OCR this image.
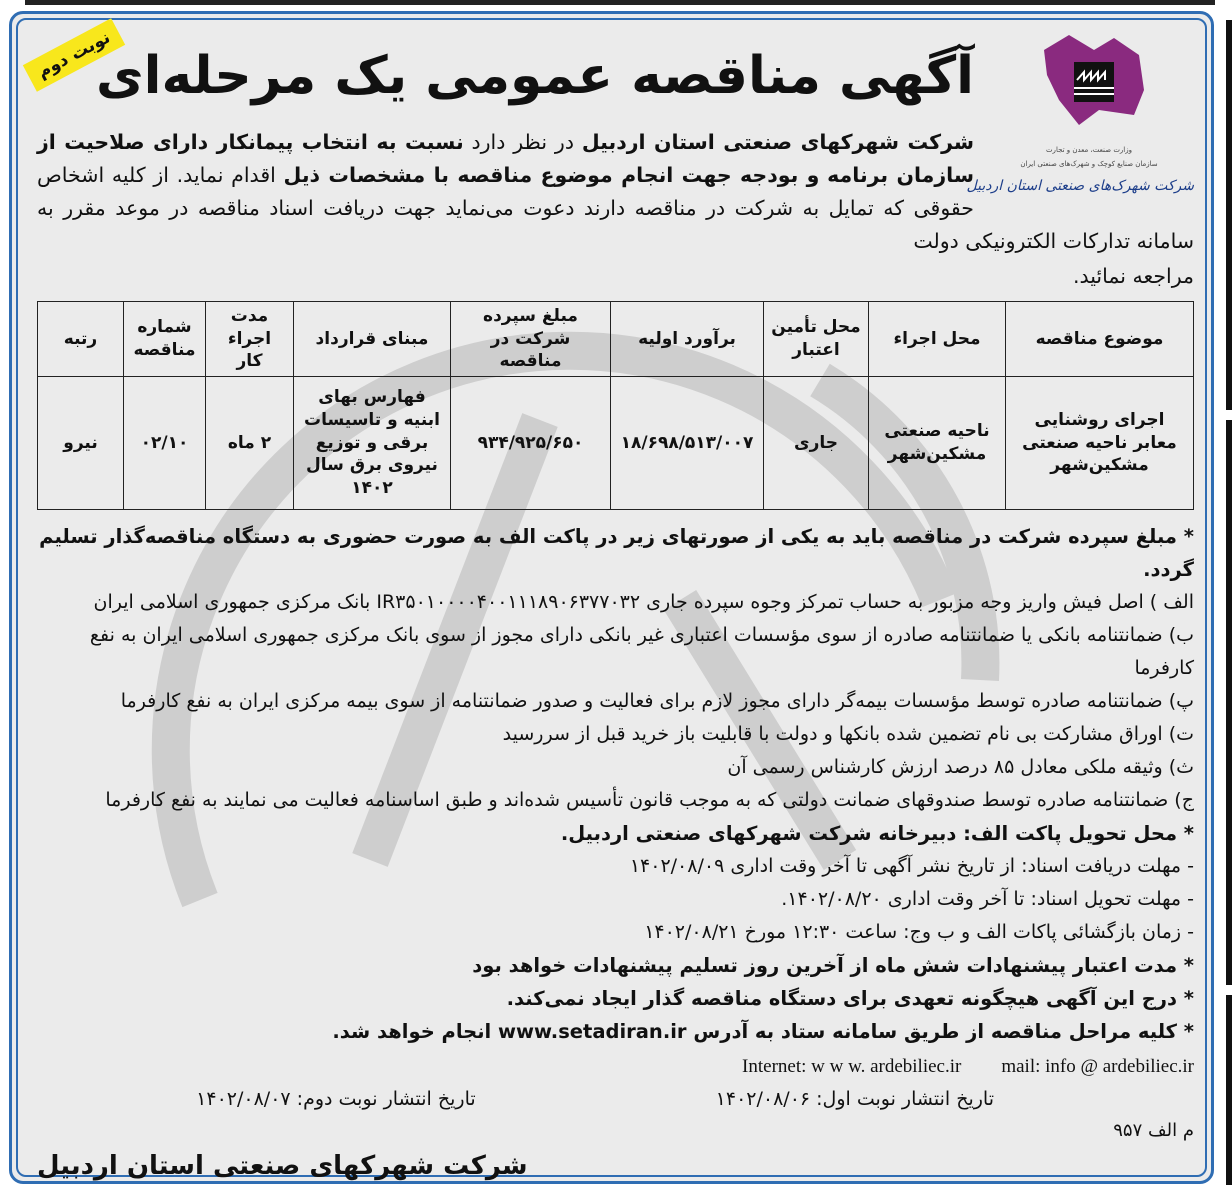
نوبت دوم
وزارت صنعت، معدن و تجارت
سازمان صنایع کوچک و شهرک‌های صنعتی ایران
شرکت شهرک‌های صنعتی استان اردبیل
آگهی مناقصه عمومی یک مرحله‌ای
شرکت شهرکهای صنعتی استان اردبیل در نظر دارد نسبت به انتخاب پیمانکار دارای صلاحیت از سازمان برنامه و بودجه جهت انجام موضوع مناقصه با مشخصات ذیل اقدام نماید. از کلیه اشخاص حقوقی که تمایل به شرکت در مناقصه دارند دعوت می‌نماید جهت دریافت اسناد مناقصه در موعد مقرر به سامانه تدارکات الکترونیکی دولت
مراجعه نمائید.
موضوع مناقصه	محل اجراء	محل تأمین اعتبار	برآورد اولیه	مبلغ سپرده شرکت در مناقصه	مبنای قرارداد	مدت اجراء کار	شماره مناقصه	رتبه
اجرای روشنایی معابر ناحیه صنعتی مشکین‌شهر	ناحیه صنعتی مشکین‌شهر	جاری	۱۸/۶۹۸/۵۱۳/۰۰۷	۹۳۴/۹۲۵/۶۵۰	فهارس بهای ابنیه و تاسیسات برقی و توزیع نیروی برق سال ۱۴۰۲	۲ ماه	۰۲/۱۰	نیرو
* مبلغ سپرده شرکت در مناقصه باید به یکی از صورتهای زیر در پاکت الف به صورت حضوری به دستگاه مناقصه‌گذار تسلیم گردد.
الف ) اصل فیش واریز وجه مزبور به حساب تمرکز وجوه سپرده جاری IR۳۵۰۱۰۰۰۰۴۰۰۱۱۱۸۹۰۶۳۷۷۰۳۲ بانک مرکزی جمهوری اسلامی ایران
ب) ضمانتنامه بانکی یا ضمانتنامه صادره از سوی مؤسسات اعتباری غیر بانکی دارای مجوز از سوی بانک مرکزی جمهوری اسلامی ایران به نفع
کارفرما
پ) ضمانتنامه صادره توسط مؤسسات بیمه‌گر دارای مجوز لازم برای فعالیت و صدور ضمانتنامه از سوی بیمه مرکزی ایران به نفع کارفرما
ت) اوراق مشارکت بی نام تضمین شده بانکها و دولت با قابلیت باز خرید قبل از سررسید
ث) وثیقه ملکی معادل ۸۵ درصد ارزش کارشناس رسمی آن
ج) ضمانتنامه صادره توسط صندوقهای ضمانت دولتی که به موجب قانون تأسیس شده‌اند و طبق اساسنامه فعالیت می نمایند به نفع کارفرما
* محل تحویل پاکت الف: دبیرخانه شرکت شهرکهای صنعتی اردبیل.
- مهلت دریافت اسناد: از تاریخ نشر آگهی تا آخر وقت اداری ۱۴۰۲/۰۸/۰۹
- مهلت تحویل اسناد: تا آخر وقت اداری ۱۴۰۲/۰۸/۲۰.
- زمان بازگشائی پاکات الف و ب وج: ساعت ۱۲:۳۰ مورخ ۱۴۰۲/۰۸/۲۱
* مدت اعتبار پیشنهادات شش ماه از آخرین روز تسلیم پیشنهادات خواهد بود
* درج این آگهی هیچگونه تعهدی برای دستگاه مناقصه گذار ایجاد نمی‌کند.
* کلیه مراحل مناقصه از طریق سامانه ستاد به آدرس www.setadiran.ir انجام خواهد شد.
mail: info @ ardebiliec.ir
Internet: w w w. ardebiliec.ir
تاریخ انتشار نوبت اول: ۱۴۰۲/۰۸/۰۶
تاریخ انتشار نوبت دوم: ۱۴۰۲/۰۸/۰۷
م الف ۹۵۷
شرکت شهرکهای صنعتی استان اردبیل
